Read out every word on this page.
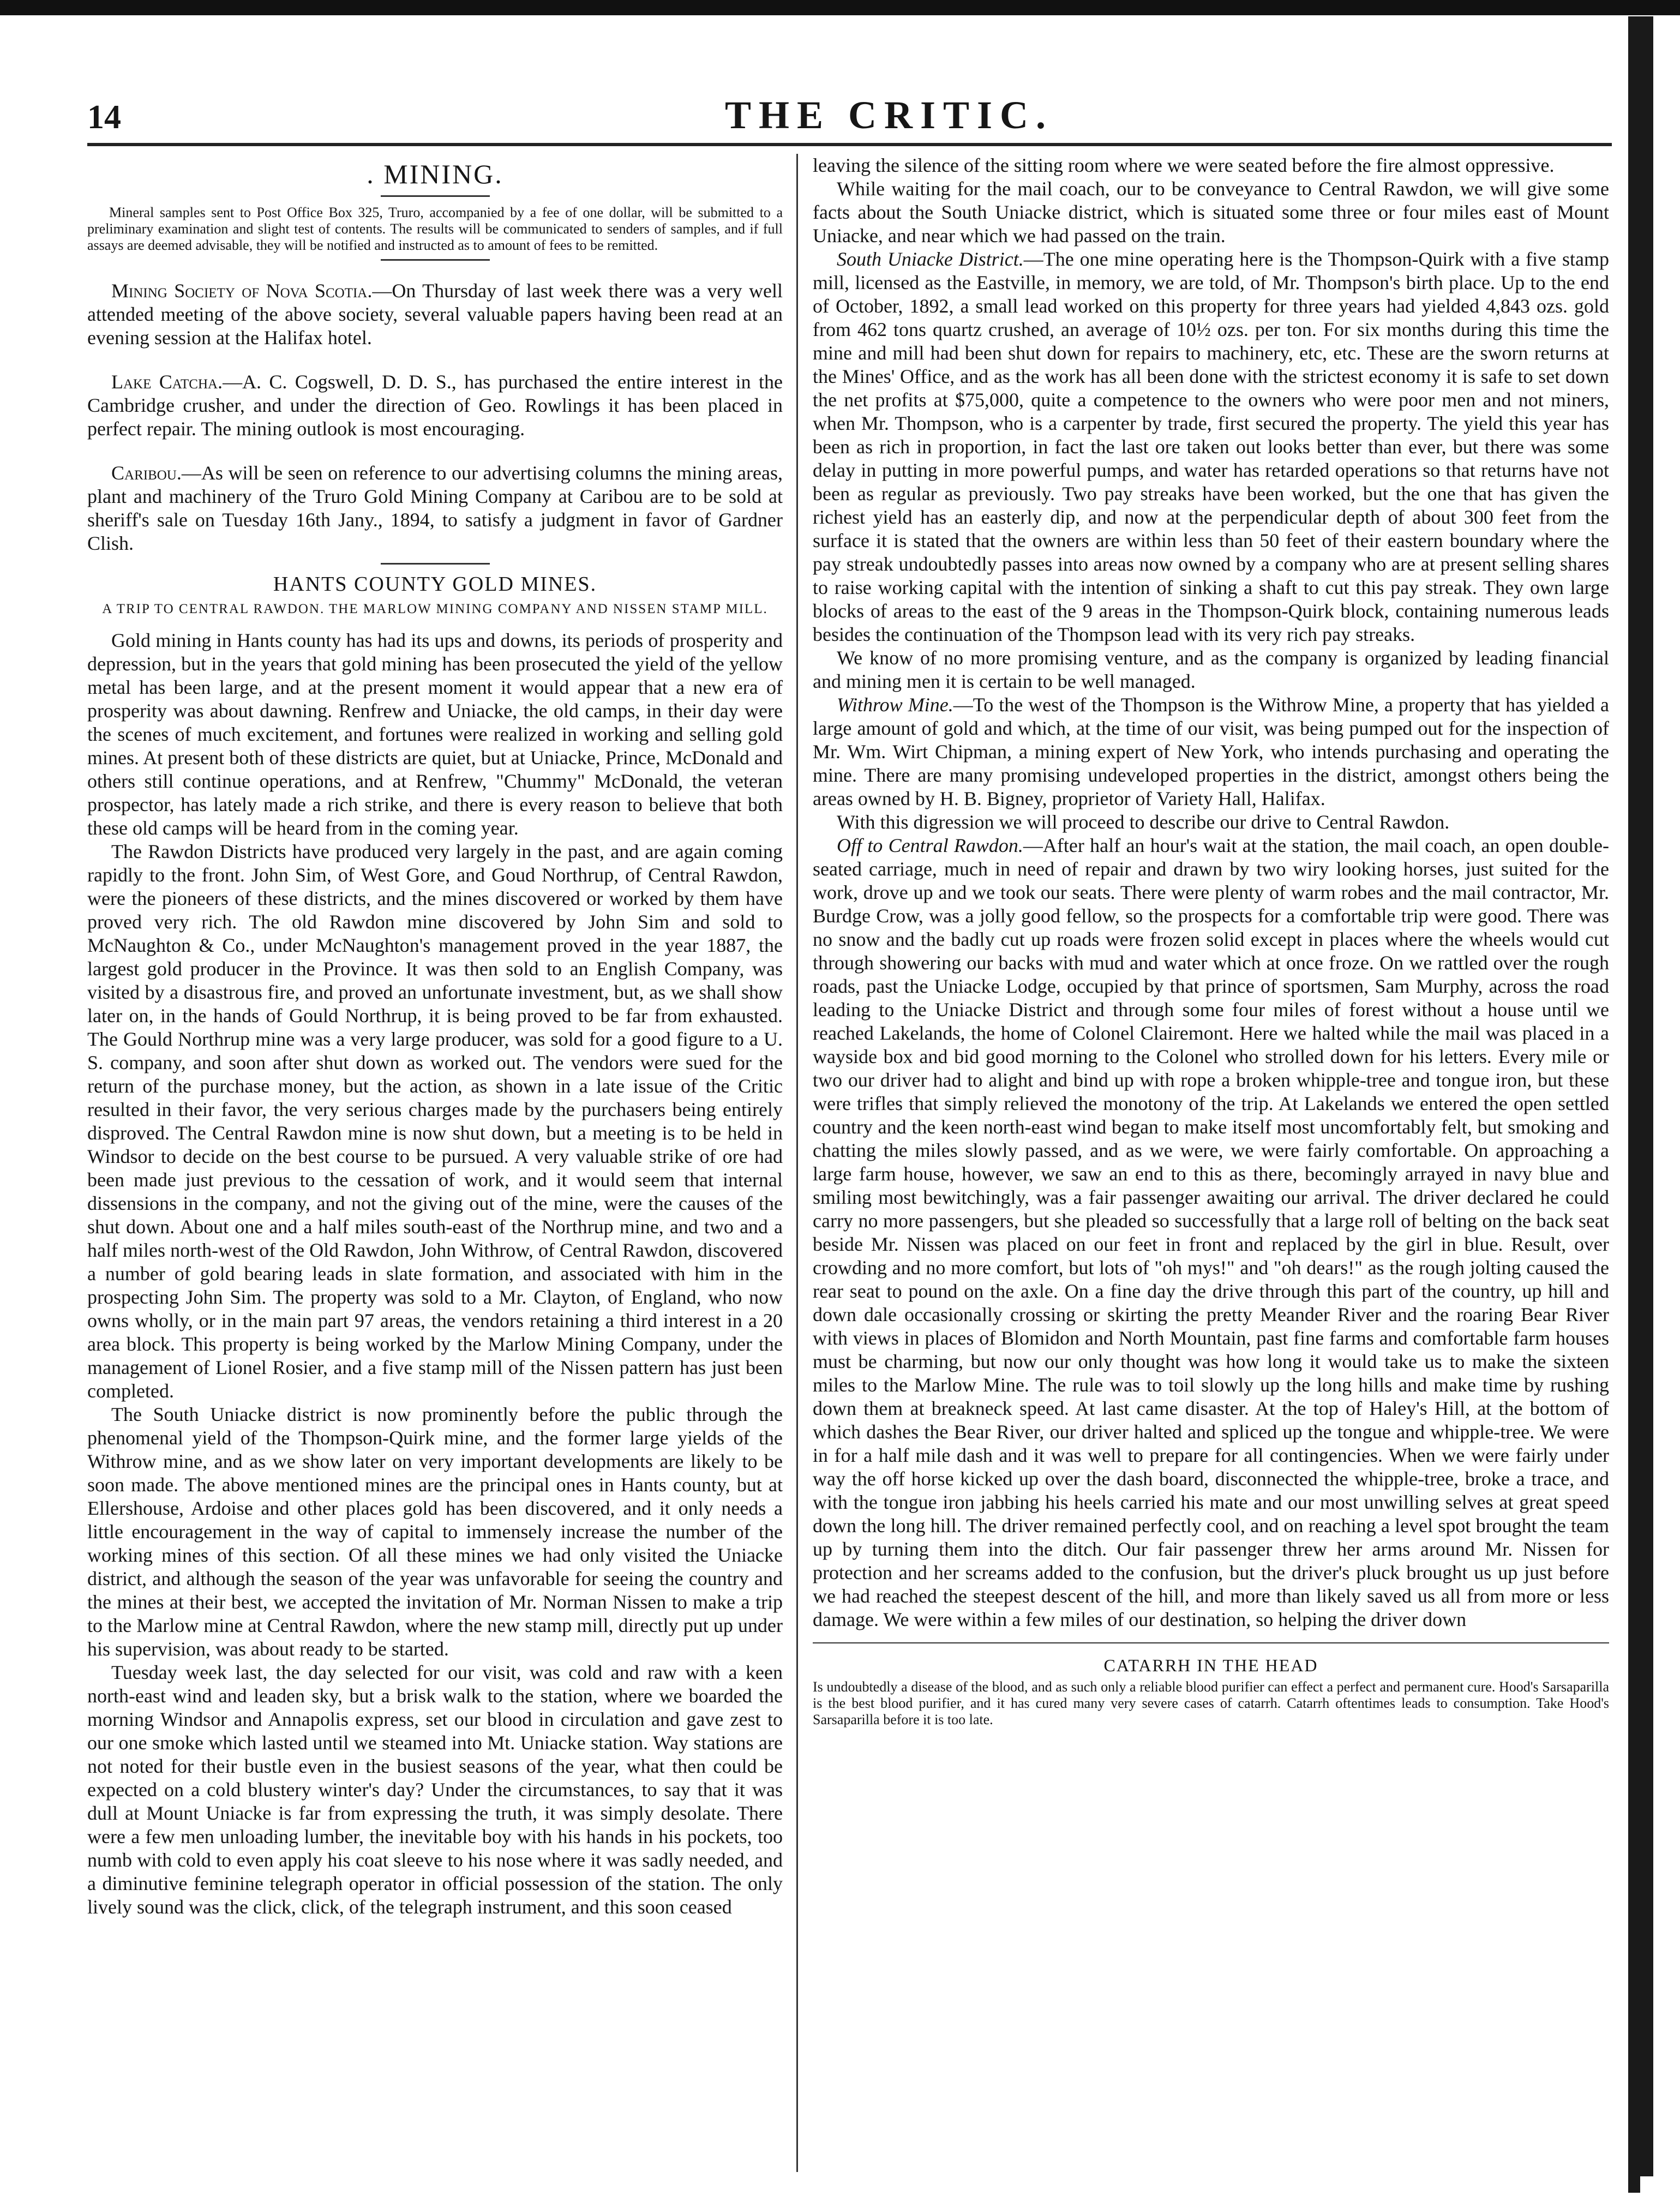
14	THE CRITIC.
. MINING.

Mineral samples sent to Post Office Box 325, Truro, accompanied by a fee of one dollar, will be submitted to a preliminary examination and slight test of contents. The results will be communicated to senders of samples, and if full assays are deemed advisable, they will be notified and instructed as to amount of fees to be remitted.

Mining Society of Nova Scotia.—On Thursday of last week there was a very well attended meeting of the above society, several valuable papers having been read at an evening session at the Halifax hotel.

Lake Catcha.—A. C. Cogswell, D. D. S., has purchased the entire interest in the Cambridge crusher, and under the direction of Geo. Rowlings it has been placed in perfect repair. The mining outlook is most encouraging.

Caribou.—As will be seen on reference to our advertising columns the mining areas, plant and machinery of the Truro Gold Mining Company at Caribou are to be sold at sheriff's sale on Tuesday 16th Jany., 1894, to satisfy a judgment in favor of Gardner Clish.

HANTS COUNTY GOLD MINES.
A TRIP TO CENTRAL RAWDON. THE MARLOW MINING COMPANY AND NISSEN STAMP MILL.

Gold mining in Hants county has had its ups and downs, its periods of prosperity and depression, but in the years that gold mining has been prosecuted the yield of the yellow metal has been large, and at the present moment it would appear that a new era of prosperity was about dawning. Renfrew and Uniacke, the old camps, in their day were the scenes of much excitement, and fortunes were realized in working and selling gold mines. At present both of these districts are quiet, but at Uniacke, Prince, McDonald and others still continue operations, and at Renfrew, "Chummy" McDonald, the veteran prospector, has lately made a rich strike, and there is every reason to believe that both these old camps will be heard from in the coming year.

The Rawdon Districts have produced very largely in the past, and are again coming rapidly to the front. John Sim, of West Gore, and Goud Northrup, of Central Rawdon, were the pioneers of these districts, and the mines discovered or worked by them have proved very rich. The old Rawdon mine discovered by John Sim and sold to McNaughton & Co., under McNaughton's management proved in the year 1887, the largest gold producer in the Province. It was then sold to an English Company, was visited by a disastrous fire, and proved an unfortunate investment, but, as we shall show later on, in the hands of Gould Northrup, it is being proved to be far from exhausted. The Gould Northrup mine was a very large producer, was sold for a good figure to a U. S. company, and soon after shut down as worked out. The vendors were sued for the return of the purchase money, but the action, as shown in a late issue of the Critic resulted in their favor, the very serious charges made by the purchasers being entirely disproved. The Central Rawdon mine is now shut down, but a meeting is to be held in Windsor to decide on the best course to be pursued. A very valuable strike of ore had been made just previous to the cessation of work, and it would seem that internal dissensions in the company, and not the giving out of the mine, were the causes of the shut down. About one and a half miles south-east of the Northrup mine, and two and a half miles north-west of the Old Rawdon, John Withrow, of Central Rawdon, discovered a number of gold bearing leads in slate formation, and associated with him in the prospecting John Sim. The property was sold to a Mr. Clayton, of England, who now owns wholly, or in the main part 97 areas, the vendors retaining a third interest in a 20 area block. This property is being worked by the Marlow Mining Company, under the management of Lionel Rosier, and a five stamp mill of the Nissen pattern has just been completed.

The South Uniacke district is now prominently before the public through the phenomenal yield of the Thompson-Quirk mine, and the former large yields of the Withrow mine, and as we show later on very important developments are likely to be soon made. The above mentioned mines are the principal ones in Hants county, but at Ellershouse, Ardoise and other places gold has been discovered, and it only needs a little encouragement in the way of capital to immensely increase the number of the working mines of this section. Of all these mines we had only visited the Uniacke district, and although the season of the year was unfavorable for seeing the country and the mines at their best, we accepted the invitation of Mr. Norman Nissen to make a trip to the Marlow mine at Central Rawdon, where the new stamp mill, directly put up under his supervision, was about ready to be started.

Tuesday week last, the day selected for our visit, was cold and raw with a keen north-east wind and leaden sky, but a brisk walk to the station, where we boarded the morning Windsor and Annapolis express, set our blood in circulation and gave zest to our one smoke which lasted until we steamed into Mt. Uniacke station. Way stations are not noted for their bustle even in the busiest seasons of the year, what then could be expected on a cold blustery winter's day? Under the circumstances, to say that it was dull at Mount Uniacke is far from expressing the truth, it was simply desolate. There were a few men unloading lumber, the inevitable boy with his hands in his pockets, too numb with cold to even apply his coat sleeve to his nose where it was sadly needed, and a diminutive feminine telegraph operator in official possession of the station. The only lively sound was the click, click, of the telegraph instrument, and this soon ceased

leaving the silence of the sitting room where we were seated before the fire almost oppressive.

While waiting for the mail coach, our to be conveyance to Central Rawdon, we will give some facts about the South Uniacke district, which is situated some three or four miles east of Mount Uniacke, and near which we had passed on the train.

South Uniacke District.—The one mine operating here is the Thompson-Quirk with a five stamp mill, licensed as the Eastville, in memory, we are told, of Mr. Thompson's birth place. Up to the end of October, 1892, a small lead worked on this property for three years had yielded 4,843 ozs. gold from 462 tons quartz crushed, an average of 10½ ozs. per ton. For six months during this time the mine and mill had been shut down for repairs to machinery, etc, etc. These are the sworn returns at the Mines' Office, and as the work has all been done with the strictest economy it is safe to set down the net profits at $75,000, quite a competence to the owners who were poor men and not miners, when Mr. Thompson, who is a carpenter by trade, first secured the property. The yield this year has been as rich in proportion, in fact the last ore taken out looks better than ever, but there was some delay in putting in more powerful pumps, and water has retarded operations so that returns have not been as regular as previously. Two pay streaks have been worked, but the one that has given the richest yield has an easterly dip, and now at the perpendicular depth of about 300 feet from the surface it is stated that the owners are within less than 50 feet of their eastern boundary where the pay streak undoubtedly passes into areas now owned by a company who are at present selling shares to raise working capital with the intention of sinking a shaft to cut this pay streak. They own large blocks of areas to the east of the 9 areas in the Thompson-Quirk block, containing numerous leads besides the continuation of the Thompson lead with its very rich pay streaks.

We know of no more promising venture, and as the company is organized by leading financial and mining men it is certain to be well managed.

Withrow Mine.—To the west of the Thompson is the Withrow Mine, a property that has yielded a large amount of gold and which, at the time of our visit, was being pumped out for the inspection of Mr. Wm. Wirt Chipman, a mining expert of New York, who intends purchasing and operating the mine. There are many promising undeveloped properties in the district, amongst others being the areas owned by H. B. Bigney, proprietor of Variety Hall, Halifax.

With this digression we will proceed to describe our drive to Central Rawdon.

Off to Central Rawdon.—After half an hour's wait at the station, the mail coach, an open double-seated carriage, much in need of repair and drawn by two wiry looking horses, just suited for the work, drove up and we took our seats. There were plenty of warm robes and the mail contractor, Mr. Burdge Crow, was a jolly good fellow, so the prospects for a comfortable trip were good. There was no snow and the badly cut up roads were frozen solid except in places where the wheels would cut through showering our backs with mud and water which at once froze. On we rattled over the rough roads, past the Uniacke Lodge, occupied by that prince of sportsmen, Sam Murphy, across the road leading to the Uniacke District and through some four miles of forest without a house until we reached Lakelands, the home of Colonel Clairemont. Here we halted while the mail was placed in a wayside box and bid good morning to the Colonel who strolled down for his letters. Every mile or two our driver had to alight and bind up with rope a broken whipple-tree and tongue iron, but these were trifles that simply relieved the monotony of the trip. At Lakelands we entered the open settled country and the keen north-east wind began to make itself most uncomfortably felt, but smoking and chatting the miles slowly passed, and as we were, we were fairly comfortable. On approaching a large farm house, however, we saw an end to this as there, becomingly arrayed in navy blue and smiling most bewitchingly, was a fair passenger awaiting our arrival. The driver declared he could carry no more passengers, but she pleaded so successfully that a large roll of belting on the back seat beside Mr. Nissen was placed on our feet in front and replaced by the girl in blue. Result, over crowding and no more comfort, but lots of "oh mys!" and "oh dears!" as the rough jolting caused the rear seat to pound on the axle. On a fine day the drive through this part of the country, up hill and down dale occasionally crossing or skirting the pretty Meander River and the roaring Bear River with views in places of Blomidon and North Mountain, past fine farms and comfortable farm houses must be charming, but now our only thought was how long it would take us to make the sixteen miles to the Marlow Mine. The rule was to toil slowly up the long hills and make time by rushing down them at breakneck speed. At last came disaster. At the top of Haley's Hill, at the bottom of which dashes the Bear River, our driver halted and spliced up the tongue and whipple-tree. We were in for a half mile dash and it was well to prepare for all contingencies. When we were fairly under way the off horse kicked up over the dash board, disconnected the whipple-tree, broke a trace, and with the tongue iron jabbing his heels carried his mate and our most unwilling selves at great speed down the long hill. The driver remained perfectly cool, and on reaching a level spot brought the team up by turning them into the ditch. Our fair passenger threw her arms around Mr. Nissen for protection and her screams added to the confusion, but the driver's pluck brought us up just before we had reached the steepest descent of the hill, and more than likely saved us all from more or less damage. We were within a few miles of our destination, so helping the driver down

CATARRH IN THE HEAD

Is undoubtedly a disease of the blood, and as such only a reliable blood purifier can effect a perfect and permanent cure. Hood's Sarsaparilla is the best blood purifier, and it has cured many very severe cases of catarrh. Catarrh oftentimes leads to consumption. Take Hood's Sarsaparilla before it is too late.
